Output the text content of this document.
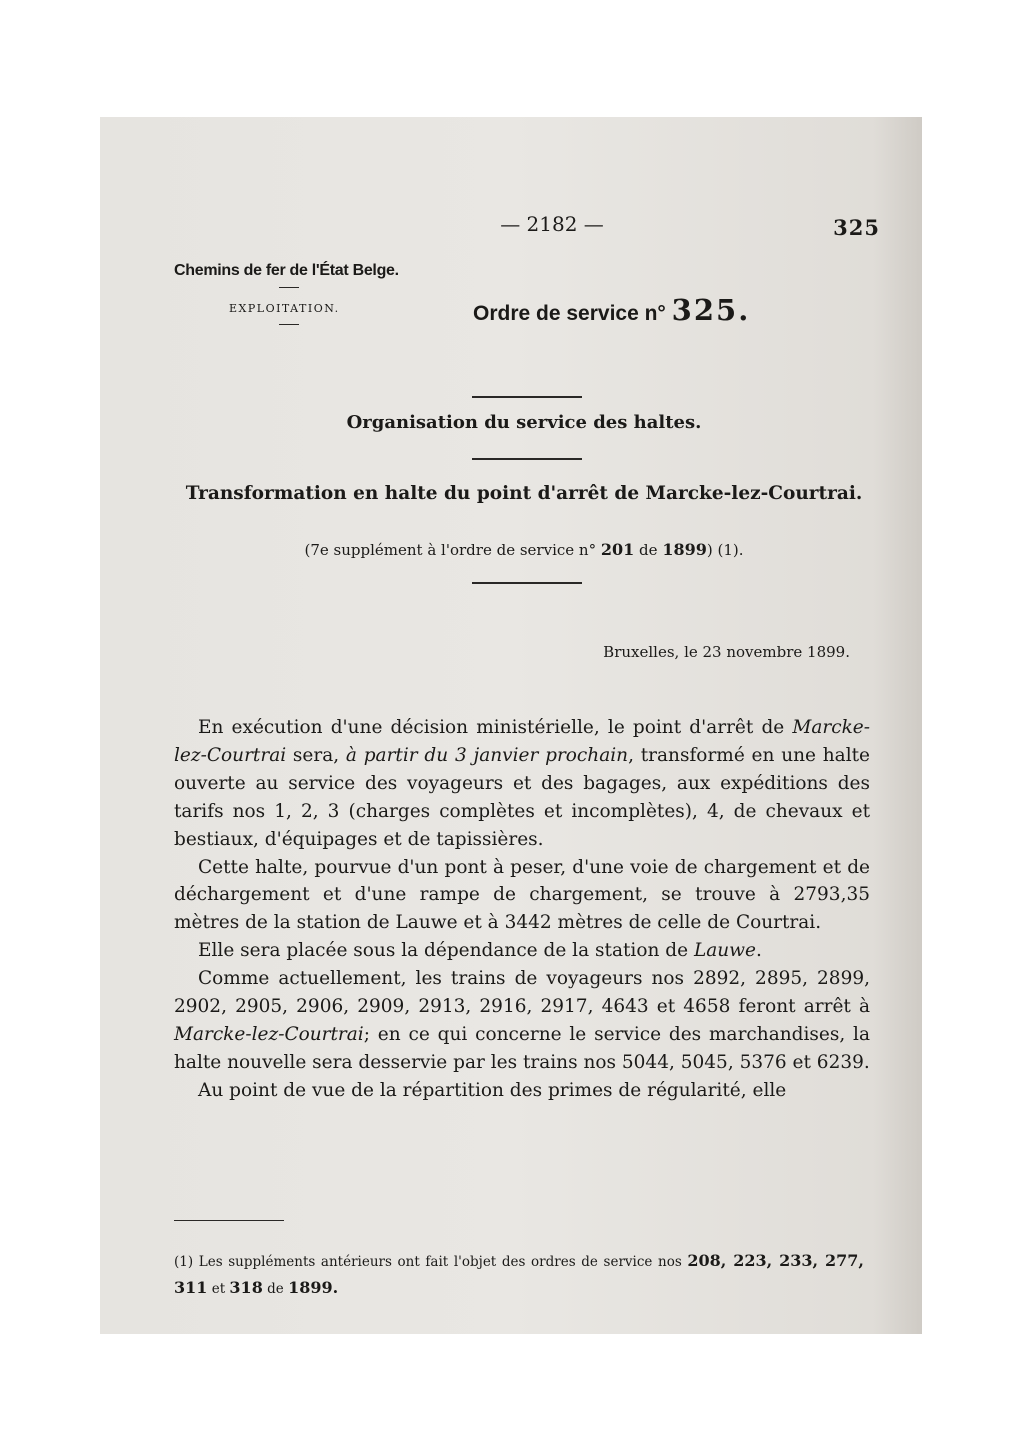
— 2182 —	325
Chemins de fer de l'État Belge.
EXPLOITATION.	Ordre de service n° 325.
Organisation du service des haltes.
Transformation en halte du point d'arrêt de Marcke-lez-Courtrai.
(7e supplément à l'ordre de service n° 201 de 1899) (1).
Bruxelles, le 23 novembre 1899.

En exécution d'une décision ministérielle, le point d'arrêt de Marcke-lez-Courtrai sera, à partir du 3 janvier prochain, transformé en une halte ouverte au service des voyageurs et des bagages, aux expéditions des tarifs nos 1, 2, 3 (charges complètes et incomplètes), 4, de chevaux et bestiaux, d'équipages et de tapissières.

Cette halte, pourvue d'un pont à peser, d'une voie de chargement et de déchargement et d'une rampe de chargement, se trouve à 2793,35 mètres de la station de Lauwe et à 3442 mètres de celle de Courtrai.

Elle sera placée sous la dépendance de la station de Lauwe.

Comme actuellement, les trains de voyageurs nos 2892, 2895, 2899, 2902, 2905, 2906, 2909, 2913, 2916, 2917, 4643 et 4658 feront arrêt à Marcke-lez-Courtrai; en ce qui concerne le service des marchandises, la halte nouvelle sera desservie par les trains nos 5044, 5045, 5376 et 6239.

Au point de vue de la répartition des primes de régularité, elle

(1) Les suppléments antérieurs ont fait l'objet des ordres de service nos 208, 223, 233, 277, 311 et 318 de 1899.
